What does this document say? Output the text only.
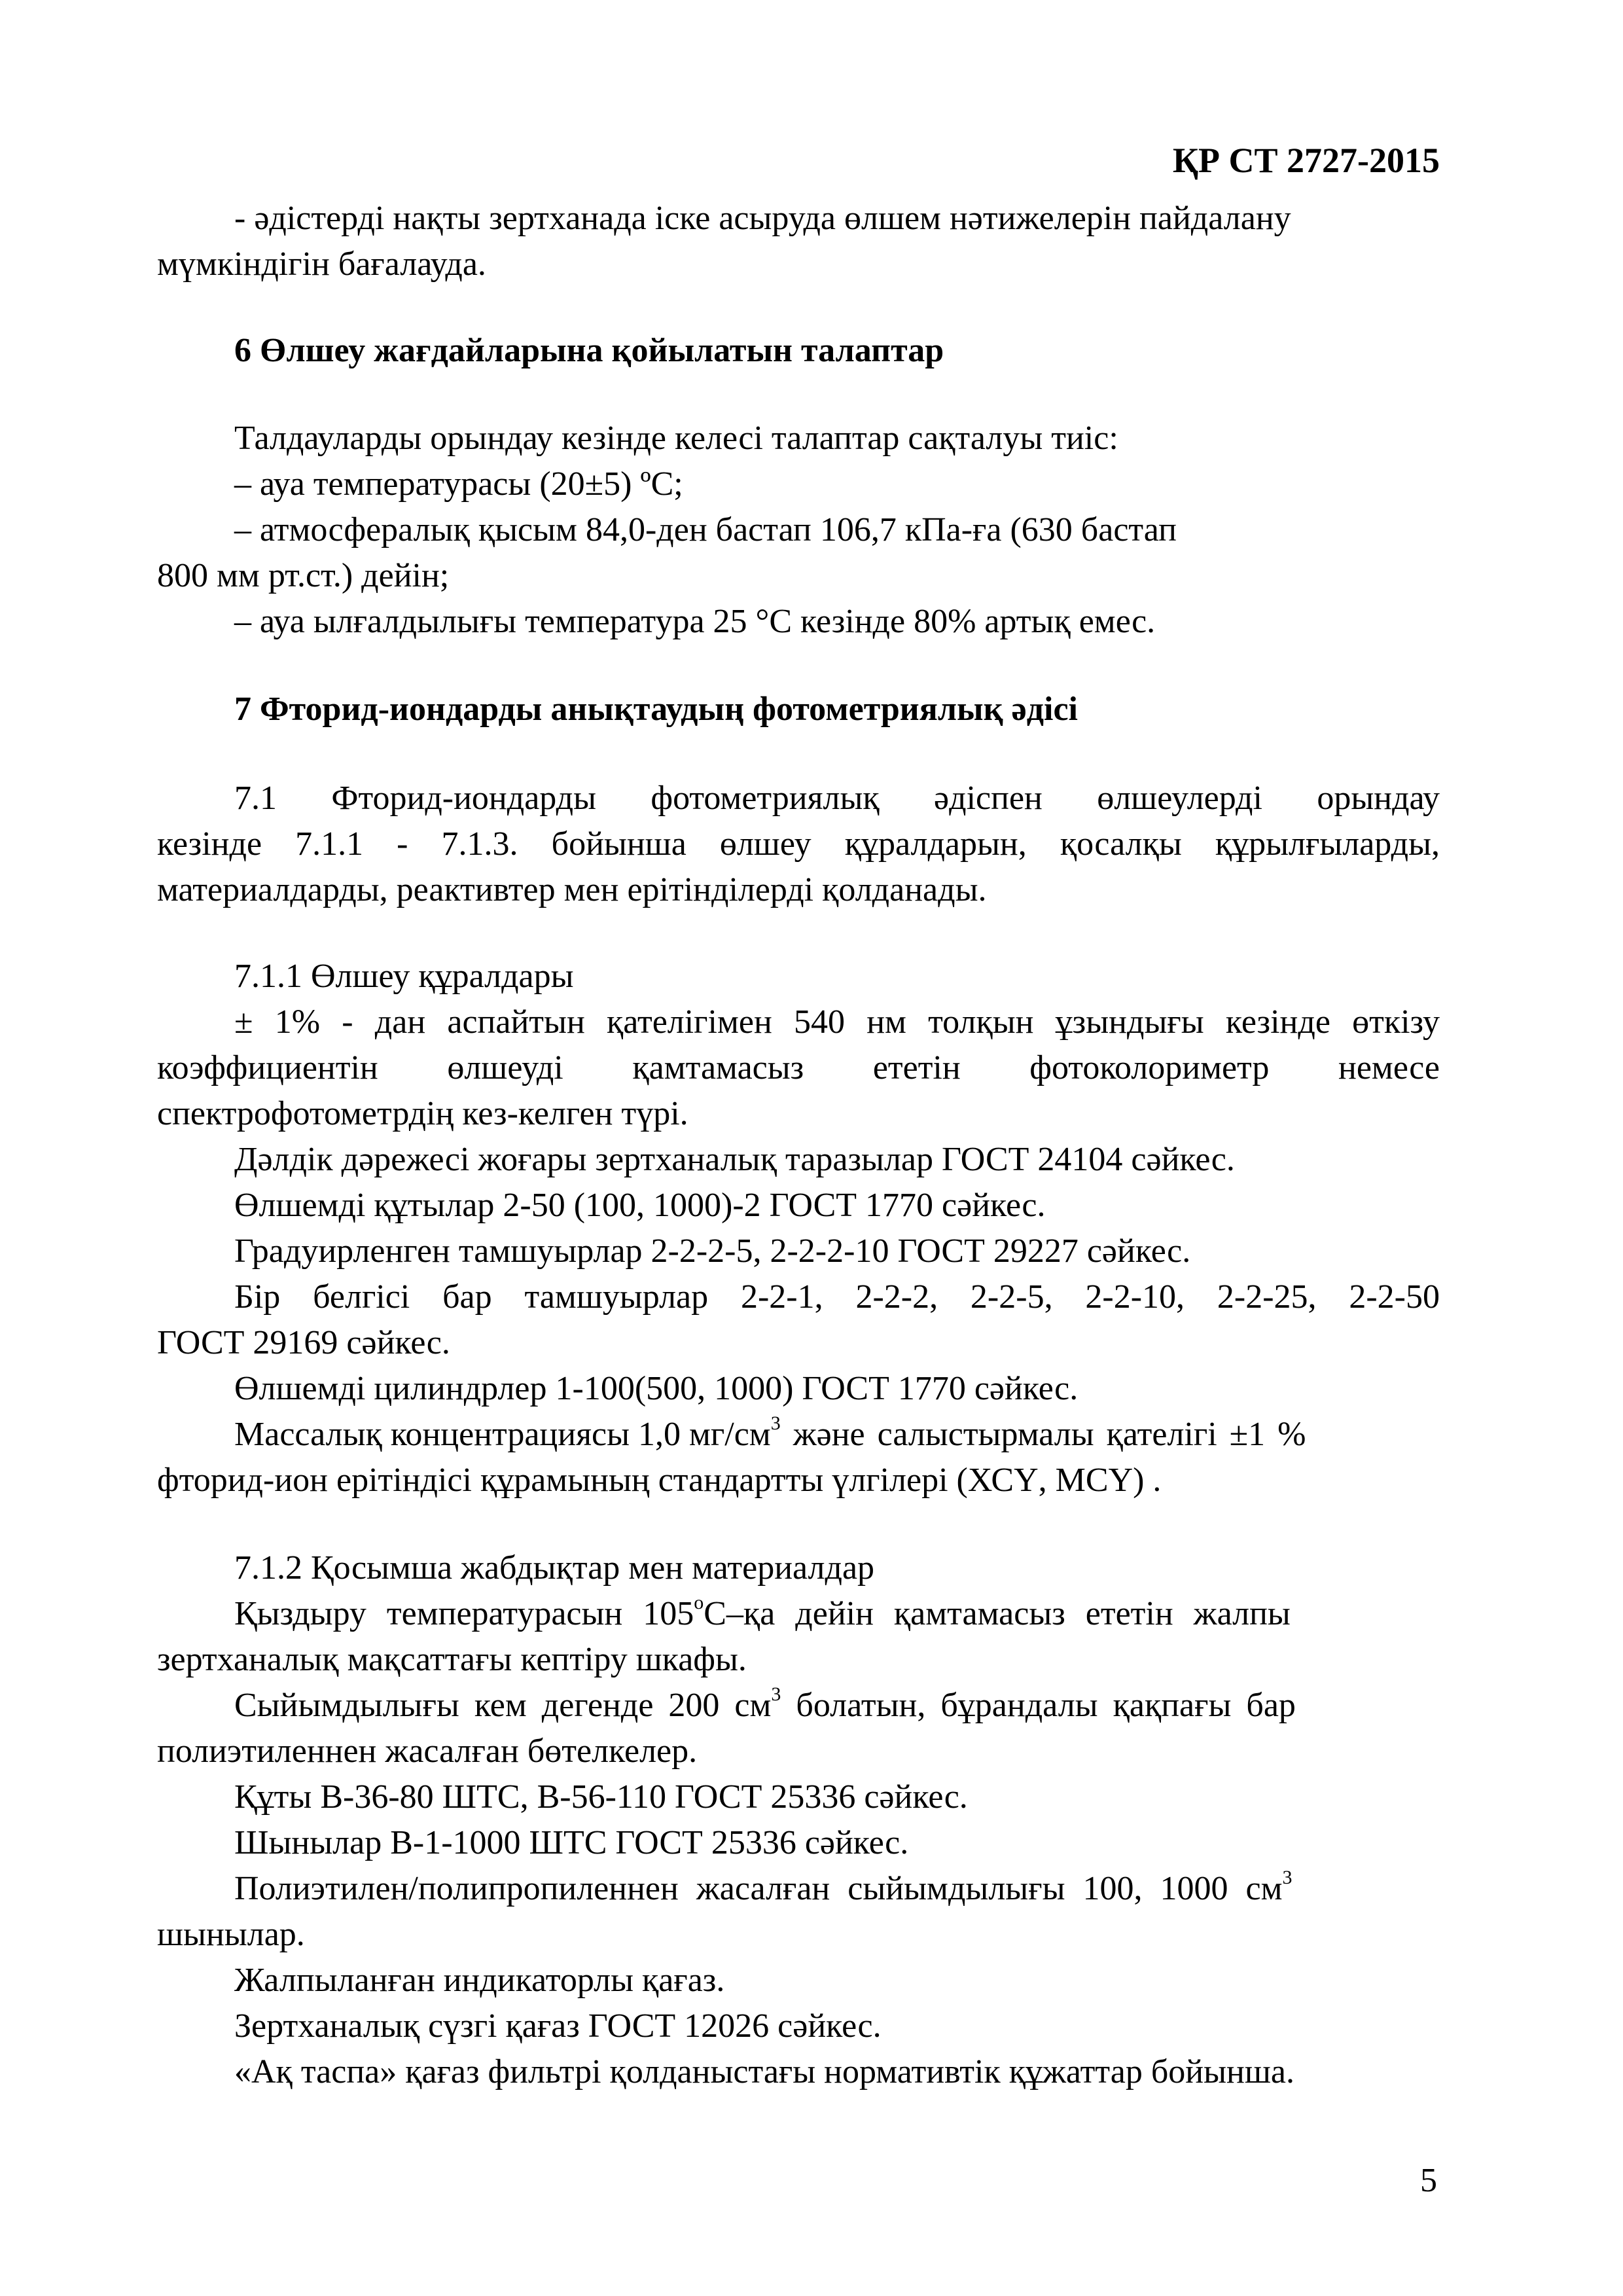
ҚР СТ 2727-2015
- әдістерді нақты зертханада іске асыруда өлшем нәтижелерін пайдалану
мүмкіндігін бағалауда.
6 Өлшеу жағдайларына қойылатын талаптар
Талдауларды орындау кезінде келесі талаптар сақталуы тиіс:
– ауа температурасы (20±5) ºC;
– атмосфералық қысым 84,0-ден бастап 106,7 кПа-ға (630 бастап
800 мм рт.ст.) дейін;
– ауа ылғалдылығы температура 25 °С кезінде 80% артық емес.
7 Фторид-иондарды анықтаудың фотометриялық әдісі
7.1 Фторид-иондарды фотометриялық әдіспен өлшеулерді орындау
кезінде 7.1.1 - 7.1.3. бойынша өлшеу құралдарын, қосалқы құрылғыларды,
материалдарды, реактивтер мен ерітінділерді қолданады.
7.1.1 Өлшеу құралдары
± 1% - дан аспайтын қателігімен 540 нм толқын ұзындығы кезінде өткізу
коэффициентін өлшеуді қамтамасыз ететін фотоколориметр немесе
спектрофотометрдің кез-келген түрі.
Дәлдік дәрежесі жоғары зертханалық таразылар ГОСТ 24104 сәйкес.
Өлшемді құтылар 2-50 (100, 1000)-2 ГОСТ 1770 сәйкес.
Градуирленген тамшуырлар 2-2-2-5, 2-2-2-10 ГОСТ 29227 сәйкес.
Бір белгісі бар тамшуырлар 2-2-1, 2-2-2, 2-2-5, 2-2-10, 2-2-25, 2-2-50
ГОСТ 29169 сәйкес.
Өлшемді цилиндрлер 1-100(500, 1000) ГОСТ 1770 сәйкес.
Массалық концентрациясы 1,0 $мг/см^3$ және салыстырмалы қателігі ±1 %
фторид-ион ерітіндісі құрамының стандартты үлгілері (ХСҮ, МСҮ) .
7.1.2 Қосымша жабдықтар мен материалдар
Қыздыру температурасын $105^оС-қа$ дейін қамтамасыз ететін жалпы
зертханалық мақсаттағы кептіру шкафы.
Сыйымдылығы кем дегенде 200 $см^3$ болатын, бұрандалы қақпағы бар
полиэтиленнен жасалған бөтелкелер.
Құты В-36-80 ШТС, В-56-110 ГОСТ 25336 сәйкес.
Шынылар В-1-1000 ШТС ГОСТ 25336 сәйкес.
Полиэтилен/полипропиленнен жасалған сыйымдылығы 100, 1000 $см^3$
шынылар.
Жалпыланған индикаторлы қағаз.
Зертханалық сүзгі қағаз ГОСТ 12026 сәйкес.
«Ақ таспа» қағаз фильтрі қолданыстағы нормативтік құжаттар бойынша.
5
